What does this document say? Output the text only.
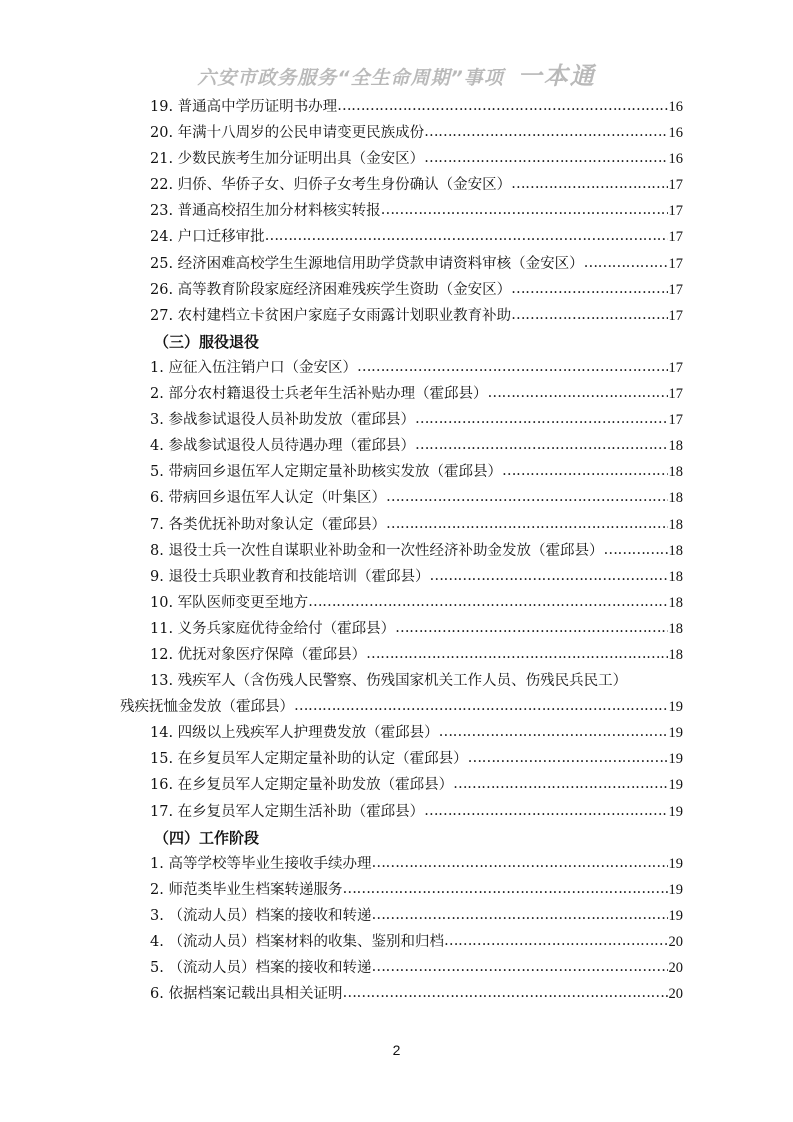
六安市政务服务“全生命周期”事项 一本通
19. 普通高中学历证明书办理 ……………………………………………………………………………………………………………………………………………………	16
20. 年满十八周岁的公民申请变更民族成份 ……………………………………………………………………………………………………………………………………………………	16
21. 少数民族考生加分证明出具（金安区） ……………………………………………………………………………………………………………………………………………………	16
22. 归侨、华侨子女、归侨子女考生身份确认（金安区） ……………………………………………………………………………………………………………………………………………………	17
23. 普通高校招生加分材料核实转报 ……………………………………………………………………………………………………………………………………………………	17
24. 户口迁移审批 ……………………………………………………………………………………………………………………………………………………	17
25. 经济困难高校学生生源地信用助学贷款申请资料审核（金安区） ……………………………………………………………………………………………………………………………………………………	17
26. 高等教育阶段家庭经济困难残疾学生资助（金安区） ……………………………………………………………………………………………………………………………………………………	17
27. 农村建档立卡贫困户家庭子女雨露计划职业教育补助 ……………………………………………………………………………………………………………………………………………………	17
（三）服役退役
1. 应征入伍注销户口（金安区） ……………………………………………………………………………………………………………………………………………………	17
2. 部分农村籍退役士兵老年生活补贴办理（霍邱县） ……………………………………………………………………………………………………………………………………………………	17
3. 参战参试退役人员补助发放（霍邱县） ……………………………………………………………………………………………………………………………………………………	17
4. 参战参试退役人员待遇办理（霍邱县） ……………………………………………………………………………………………………………………………………………………	18
5. 带病回乡退伍军人定期定量补助核实发放（霍邱县） ……………………………………………………………………………………………………………………………………………………	18
6. 带病回乡退伍军人认定（叶集区） ……………………………………………………………………………………………………………………………………………………	18
7. 各类优抚补助对象认定（霍邱县） ……………………………………………………………………………………………………………………………………………………	18
8. 退役士兵一次性自谋职业补助金和一次性经济补助金发放（霍邱县） ……………………………………………………………………………………………………………………………………………………	18
9. 退役士兵职业教育和技能培训（霍邱县） ……………………………………………………………………………………………………………………………………………………	18
10. 军队医师变更至地方 ……………………………………………………………………………………………………………………………………………………	18
11. 义务兵家庭优待金给付（霍邱县） ……………………………………………………………………………………………………………………………………………………	18
12. 优抚对象医疗保障（霍邱县） ……………………………………………………………………………………………………………………………………………………	18
13. 残疾军人（含伤残人民警察、伤残国家机关工作人员、伤残民兵民工）
残疾抚恤金发放（霍邱县） ……………………………………………………………………………………………………………………………………………………	19
14. 四级以上残疾军人护理费发放（霍邱县） ……………………………………………………………………………………………………………………………………………………	19
15. 在乡复员军人定期定量补助的认定（霍邱县） ……………………………………………………………………………………………………………………………………………………	19
16. 在乡复员军人定期定量补助发放（霍邱县） ……………………………………………………………………………………………………………………………………………………	19
17. 在乡复员军人定期生活补助（霍邱县） ……………………………………………………………………………………………………………………………………………………	19
（四）工作阶段
1. 高等学校等毕业生接收手续办理 ……………………………………………………………………………………………………………………………………………………	19
2. 师范类毕业生档案转递服务 ……………………………………………………………………………………………………………………………………………………	19
3. （流动人员）档案的接收和转递 ……………………………………………………………………………………………………………………………………………………	19
4. （流动人员）档案材料的收集、鉴别和归档 ……………………………………………………………………………………………………………………………………………………	20
5. （流动人员）档案的接收和转递 ……………………………………………………………………………………………………………………………………………………	20
6. 依据档案记载出具相关证明 ……………………………………………………………………………………………………………………………………………………	20
2
